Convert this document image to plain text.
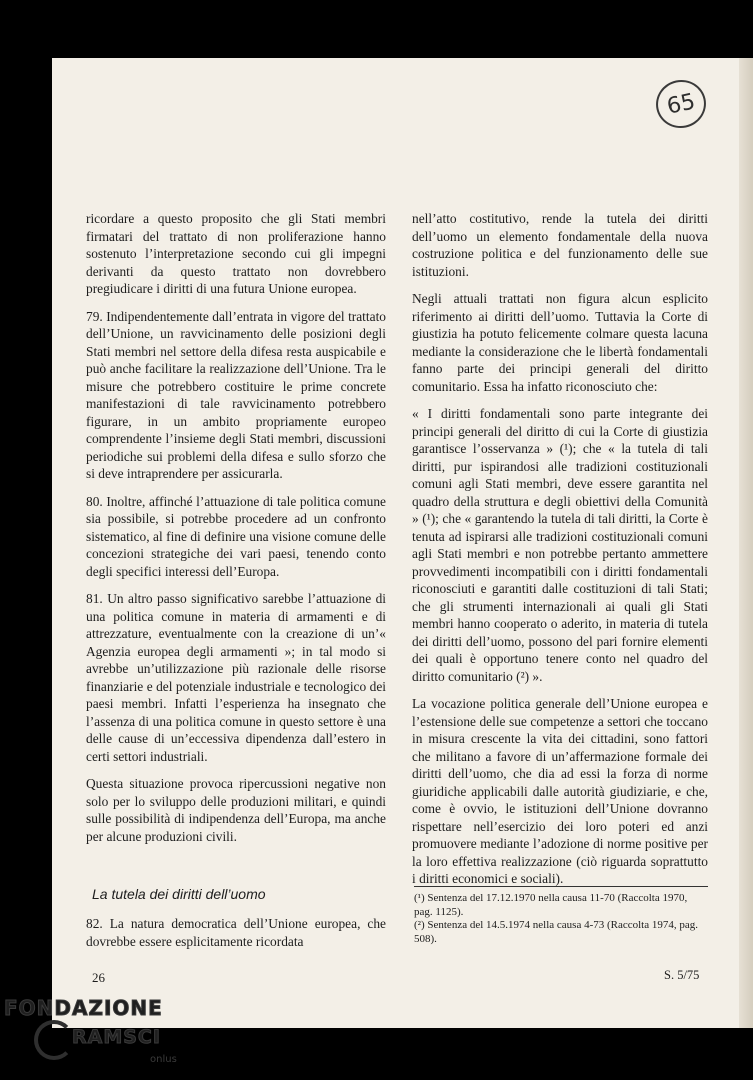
65

ricordare a questo proposito che gli Stati membri firmatari del trattato di non proliferazione hanno sostenuto l’interpretazione secondo cui gli impegni derivanti da questo trattato non dovrebbero pregiudicare i diritti di una futura Unione europea.

79. Indipendentemente dall’entrata in vigore del trattato dell’Unione, un ravvicinamento delle posizioni degli Stati membri nel settore della difesa resta auspicabile e può anche facilitare la realizzazione dell’Unione. Tra le misure che potrebbero costituire le prime concrete manifestazioni di tale ravvicinamento potrebbero figurare, in un ambito propriamente europeo comprendente l’insieme degli Stati membri, discussioni periodiche sui problemi della difesa e sullo sforzo che si deve intraprendere per assicurarla.

80. Inoltre, affinché l’attuazione di tale politica comune sia possibile, si potrebbe procedere ad un confronto sistematico, al fine di definire una visione comune delle concezioni strategiche dei vari paesi, tenendo conto degli specifici interessi dell’Europa.

81. Un altro passo significativo sarebbe l’attuazione di una politica comune in materia di armamenti e di attrezzature, eventualmente con la creazione di un’« Agenzia europea degli armamenti »; in tal modo si avrebbe un’utilizzazione più razionale delle risorse finanziarie e del potenziale industriale e tecnologico dei paesi membri. Infatti l’esperienza ha insegnato che l’assenza di una politica comune in questo settore è una delle cause di un’eccessiva dipendenza dall’estero in certi settori industriali.

Questa situazione provoca ripercussioni negative non solo per lo sviluppo delle produzioni militari, e quindi sulle possibilità di indipendenza dell’Europa, ma anche per alcune produzioni civili.

La tutela dei diritti dell’uomo

82. La natura democratica dell’Unione europea, che dovrebbe essere esplicitamente ricordata

nell’atto costitutivo, rende la tutela dei diritti dell’uomo un elemento fondamentale della nuova costruzione politica e del funzionamento delle sue istituzioni.

Negli attuali trattati non figura alcun esplicito riferimento ai diritti dell’uomo. Tuttavia la Corte di giustizia ha potuto felicemente colmare questa lacuna mediante la considerazione che le libertà fondamentali fanno parte dei principi generali del diritto comunitario. Essa ha infatto riconosciuto che:

« I diritti fondamentali sono parte integrante dei principi generali del diritto di cui la Corte di giustizia garantisce l’osservanza » (¹); che « la tutela di tali diritti, pur ispirandosi alle tradizioni costituzionali comuni agli Stati membri, deve essere garantita nel quadro della struttura e degli obiettivi della Comunità » (¹); che « garantendo la tutela di tali diritti, la Corte è tenuta ad ispirarsi alle tradizioni costituzionali comuni agli Stati membri e non potrebbe pertanto ammettere provvedimenti incompatibili con i diritti fondamentali riconosciuti e garantiti dalle costituzioni di tali Stati; che gli strumenti internazionali ai quali gli Stati membri hanno cooperato o aderito, in materia di tutela dei diritti dell’uomo, possono del pari fornire elementi dei quali è opportuno tenere conto nel quadro del diritto comunitario (²) ».

La vocazione politica generale dell’Unione europea e l’estensione delle sue competenze a settori che toccano in misura crescente la vita dei cittadini, sono fattori che militano a favore di un’affermazione formale dei diritti dell’uomo, che dia ad essi la forza di norme giuridiche applicabili dalle autorità giudiziarie, e che, come è ovvio, le istituzioni dell’Unione dovranno rispettare nell’esercizio dei loro poteri ed anzi promuovere mediante l’adozione di norme positive per la loro effettiva realizzazione (ciò riguarda soprattutto i diritti economici e sociali).

(¹) Sentenza del 17.12.1970 nella causa 11-70 (Raccolta 1970, pag. 1125).

(²) Sentenza del 14.5.1974 nella causa 4-73 (Raccolta 1974, pag. 508).

26	S. 5/75
FONDAZIONE
RAMSCI
onlus
